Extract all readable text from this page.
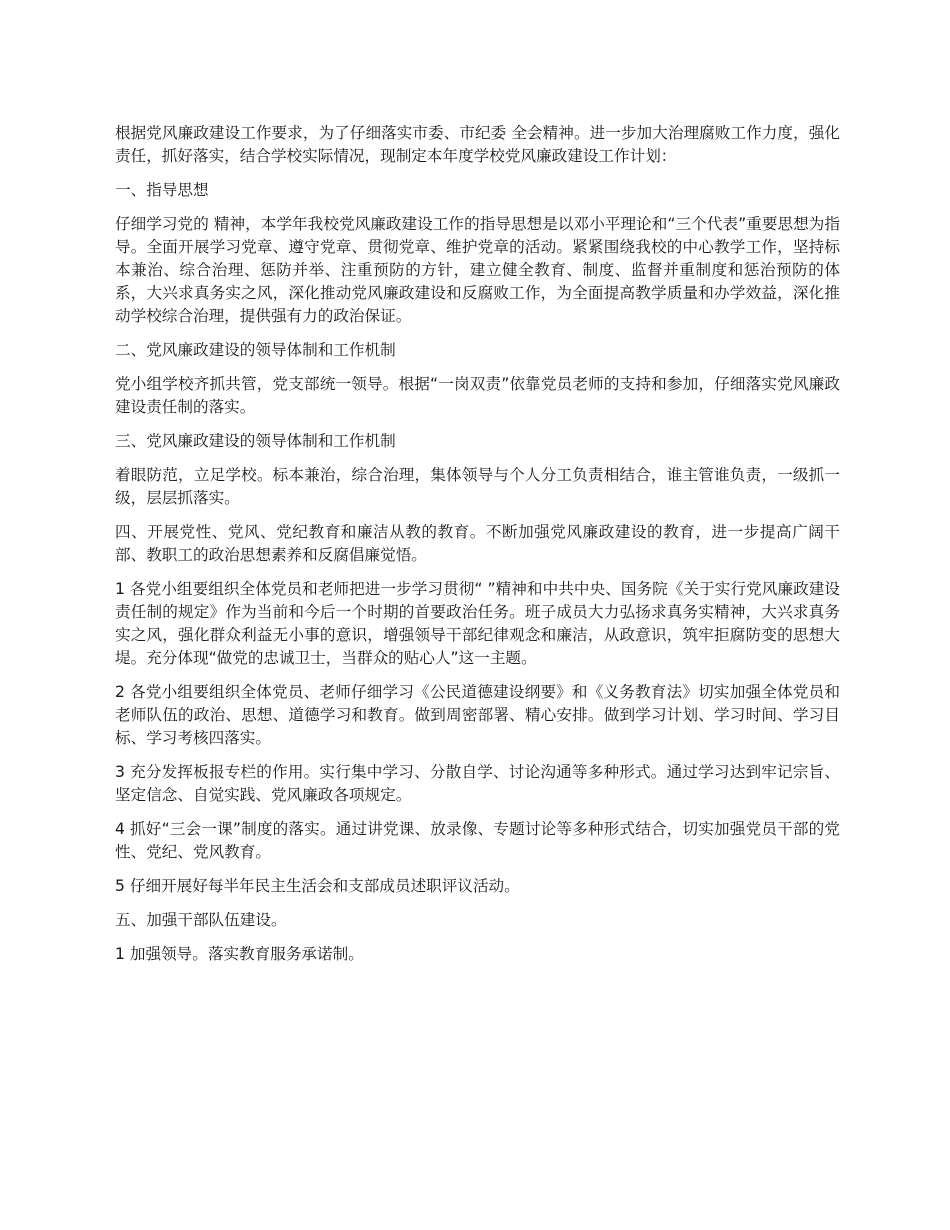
根据党风廉政建设工作要求，为了仔细落实市委、市纪委 全会精神。进一步加大治理腐败工作力度，强化责任，抓好落实，结合学校实际情况，现制定本年度学校党风廉政建设工作计划：

一、指导思想

仔细学习党的 精神，本学年我校党风廉政建设工作的指导思想是以邓小平理论和“三个代表”重要思想为指导。全面开展学习党章、遵守党章、贯彻党章、维护党章的活动。紧紧围绕我校的中心教学工作，坚持标本兼治、综合治理、惩防并举、注重预防的方针，建立健全教育、制度、监督并重制度和惩治预防的体系，大兴求真务实之风，深化推动党风廉政建设和反腐败工作，为全面提高教学质量和办学效益，深化推动学校综合治理，提供强有力的政治保证。

二、党风廉政建设的领导体制和工作机制

党小组学校齐抓共管，党支部统一领导。根据“一岗双责”依靠党员老师的支持和参加，仔细落实党风廉政建设责任制的落实。

三、党风廉政建设的领导体制和工作机制

着眼防范，立足学校。标本兼治，综合治理，集体领导与个人分工负责相结合，谁主管谁负责，一级抓一级，层层抓落实。

四、开展党性、党风、党纪教育和廉洁从教的教育。不断加强党风廉政建设的教育，进一步提高广阔干部、教职工的政治思想素养和反腐倡廉觉悟。

1 各党小组要组织全体党员和老师把进一步学习贯彻“ ”精神和中共中央、国务院《关于实行党风廉政建设责任制的规定》作为当前和今后一个时期的首要政治任务。班子成员大力弘扬求真务实精神，大兴求真务实之风，强化群众利益无小事的意识，增强领导干部纪律观念和廉洁，从政意识，筑牢拒腐防变的思想大堤。充分体现“做党的忠诚卫士，当群众的贴心人”这一主题。

2 各党小组要组织全体党员、老师仔细学习《公民道德建设纲要》和《义务教育法》切实加强全体党员和老师队伍的政治、思想、道德学习和教育。做到周密部署、精心安排。做到学习计划、学习时间、学习目标、学习考核四落实。

3 充分发挥板报专栏的作用。实行集中学习、分散自学、讨论沟通等多种形式。通过学习达到牢记宗旨、坚定信念、自觉实践、党风廉政各项规定。

4 抓好“三会一课”制度的落实。通过讲党课、放录像、专题讨论等多种形式结合，切实加强党员干部的党性、党纪、党风教育。

5 仔细开展好每半年民主生活会和支部成员述职评议活动。

五、加强干部队伍建设。

1 加强领导。落实教育服务承诺制。
